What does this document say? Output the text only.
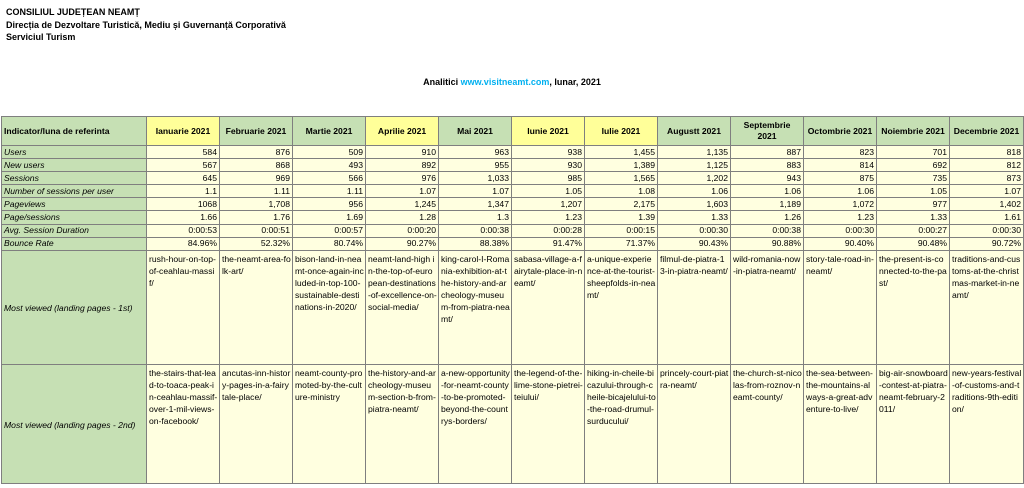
CONSILIUL JUDEȚEAN NEAMȚ
Direcția de Dezvoltare Turistică, Mediu și Guvernanță Corporativă
Serviciul Turism
Analitici www.visitneamt.com, lunar, 2021
Indicator/luna de referinta	Ianuarie 2021	Februarie 2021	Martie 2021	Aprilie 2021	Mai 2021	Iunie 2021	Iulie 2021	Augustt 2021	Septembrie 2021	Octombrie 2021	Noiembrie 2021	Decembrie 2021
Users	584	876	509	910	963	938	1,455	1,135	887	823	701	818
New users	567	868	493	892	955	930	1,389	1,125	883	814	692	812
Sessions	645	969	566	976	1,033	985	1,565	1,202	943	875	735	873
Number of sessions per user	1.1	1.11	1.11	1.07	1.07	1.05	1.08	1.06	1.06	1.06	1.05	1.07
Pageviews	1068	1,708	956	1,245	1,347	1,207	2,175	1,603	1,189	1,072	977	1,402
Page/sessions	1.66	1.76	1.69	1.28	1.3	1.23	1.39	1.33	1.26	1.23	1.33	1.61
Avg. Session Duration	0:00:53	0:00:51	0:00:57	0:00:20	0:00:38	0:00:28	0:00:15	0:00:30	0:00:38	0:00:30	0:00:27	0:00:30
Bounce Rate	84.96%	52.32%	80.74%	90.27%	88.38%	91.47%	71.37%	90.43%	90.88%	90.40%	90.48%	90.72%
Most viewed (landing pages - 1st)	rush-hour-on-top-of-ceahlau-massif/	the-neamt-area-folk-art/	bison-land-in-neamt-once-again-included-in-top-100-sustainable-destinations-in-2020/	neamt-land-high in-the-top-of-european-destinations-of-excellence-on-social-media/	king-carol-I-Romania-exhibition-at-the-history-and-archeology-museum-from-piatra-neamt/	sabasa-village-a-fairytale-place-in-neamt/	a-unique-experience-at-the-tourist-sheepfolds-in-neamt/	filmul-de-piatra-13-in-piatra-neamt/	wild-romania-now-in-piatra-neamt/	story-tale-road-in-neamt/	the-present-is-connected-to-the-past/	traditions-and-customs-at-the-christmas-market-in-neamt/
Most viewed (landing pages - 2nd)	the-stairs-that-lead-to-toaca-peak-in-ceahlau-massif-over-1-mil-views-on-facebook/	ancutas-inn-history-pages-in-a-fairytale-place/	neamt-county-promoted-by-the-culture-ministry	the-history-and-archeology-museum-section-b-from-piatra-neamt/	a-new-opportunity-for-neamt-county-to-be-promoted-beyond-the-countrys-borders/	the-legend-of-the-lime-stone-pietrei-teiului/	hiking-in-cheile-bicazului-through-cheile-bicajelului-to-the-road-drumul-surducului/	princely-court-piatra-neamt/	the-church-st-nicolas-from-roznov-neamt-county/	the-sea-between-the-mountains-always-a-great-adventure-to-live/	big-air-snowboard-contest-at-piatra-neamt-february-2011/	new-years-festival-of-customs-and-traditions-9th-edition/
